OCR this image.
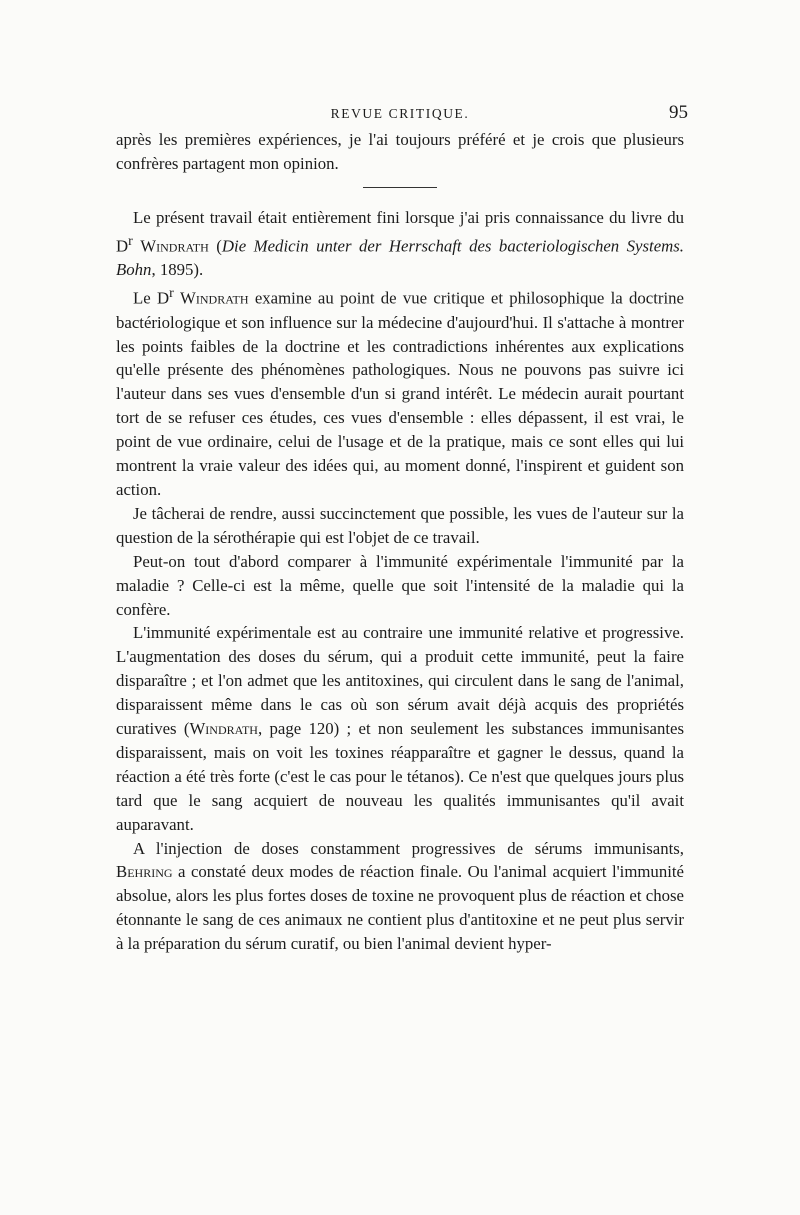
REVUE CRITIQUE.	95

après les premières expériences, je l'ai toujours préféré et je crois que plusieurs confrères partagent mon opinion.

Le présent travail était entièrement fini lorsque j'ai pris connaissance du livre du $D^r$ Windrath (Die Medicin unter der Herrschaft des bacteriologischen Systems. Bohn, 1895).

Le $D^r$ Windrath examine au point de vue critique et philosophique la doctrine bactériologique et son influence sur la médecine d'aujourd'hui. Il s'attache à montrer les points faibles de la doctrine et les contradictions inhérentes aux explications qu'elle présente des phénomènes pathologiques. Nous ne pouvons pas suivre ici l'auteur dans ses vues d'ensemble d'un si grand intérêt. Le médecin aurait pourtant tort de se refuser ces études, ces vues d'ensemble : elles dépassent, il est vrai, le point de vue ordinaire, celui de l'usage et de la pratique, mais ce sont elles qui lui montrent la vraie valeur des idées qui, au moment donné, l'inspirent et guident son action.

Je tâcherai de rendre, aussi succinctement que possible, les vues de l'auteur sur la question de la sérothérapie qui est l'objet de ce travail.

Peut-on tout d'abord comparer à l'immunité expérimentale l'immunité par la maladie ? Celle-ci est la même, quelle que soit l'intensité de la maladie qui la confère.

L'immunité expérimentale est au contraire une immunité relative et progressive. L'augmentation des doses du sérum, qui a produit cette immunité, peut la faire disparaître ; et l'on admet que les antitoxines, qui circulent dans le sang de l'animal, disparaissent même dans le cas où son sérum avait déjà acquis des propriétés curatives (Windrath, page 120) ; et non seulement les substances immunisantes disparaissent, mais on voit les toxines réapparaître et gagner le dessus, quand la réaction a été très forte (c'est le cas pour le tétanos). Ce n'est que quelques jours plus tard que le sang acquiert de nouveau les qualités immunisantes qu'il avait auparavant.

A l'injection de doses constamment progressives de sérums immunisants, Behring a constaté deux modes de réaction finale. Ou l'animal acquiert l'immunité absolue, alors les plus fortes doses de toxine ne provoquent plus de réaction et chose étonnante le sang de ces animaux ne contient plus d'antitoxine et ne peut plus servir à la préparation du sérum curatif, ou bien l'animal devient hyper-
